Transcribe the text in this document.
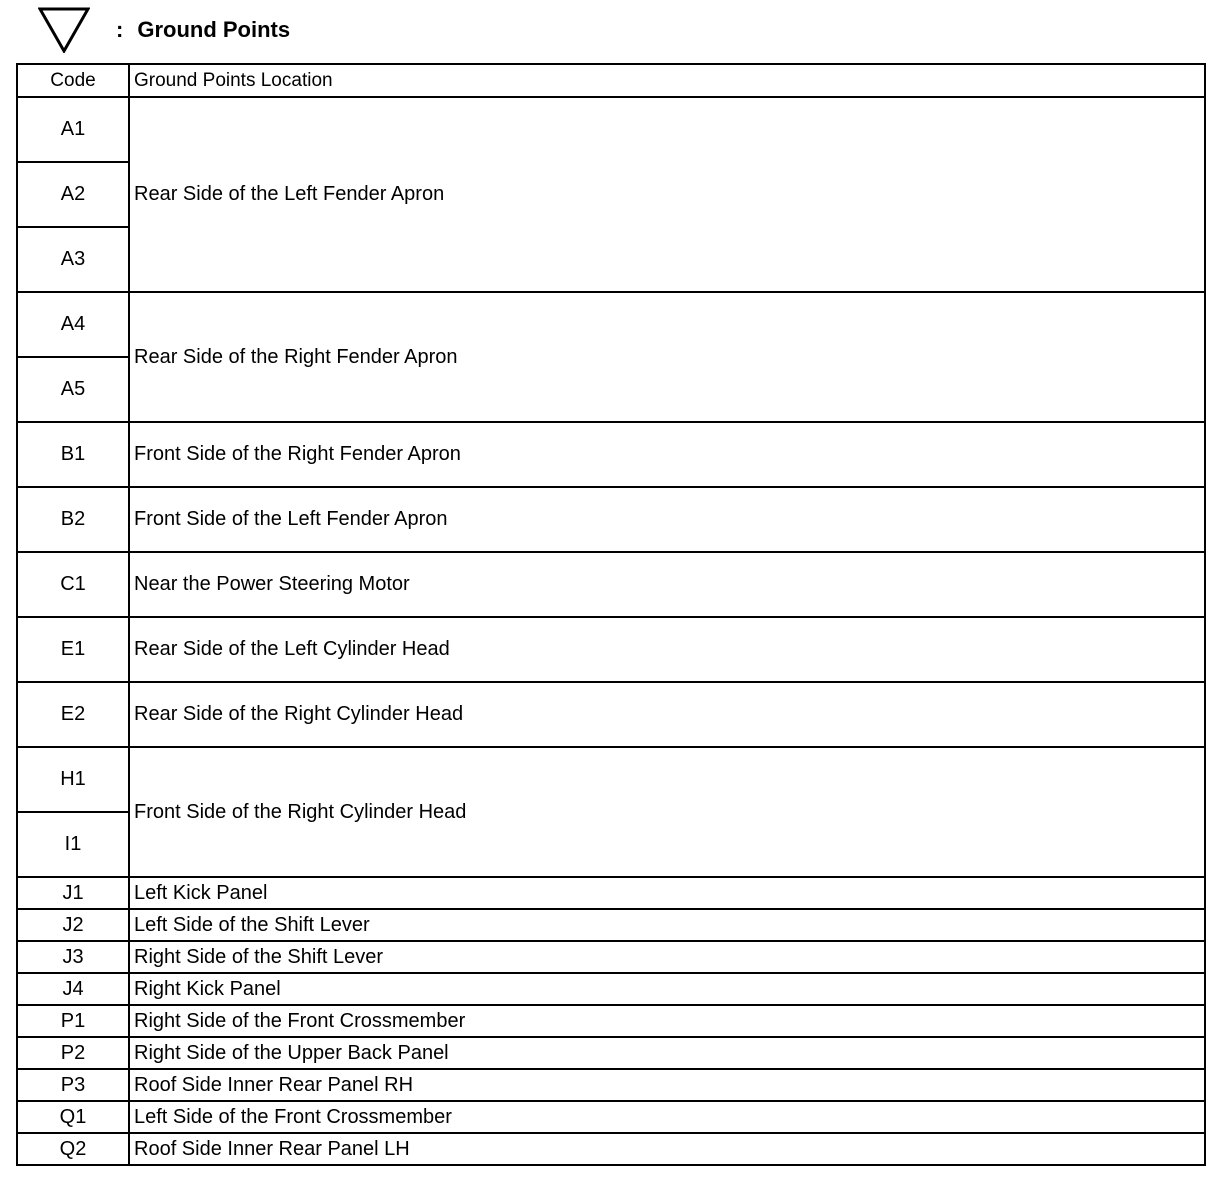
: Ground Points
Code	Ground Points Location
A1	Rear Side of the Left Fender Apron
A2	
A3	
A4	Rear Side of the Right Fender Apron
A5	
B1	Front Side of the Right Fender Apron
B2	Front Side of the Left Fender Apron
C1	Near the Power Steering Motor
E1	Rear Side of the Left Cylinder Head
E2	Rear Side of the Right Cylinder Head
H1	Front Side of the Right Cylinder Head
I1	
J1	Left Kick Panel
J2	Left Side of the Shift Lever
J3	Right Side of the Shift Lever
J4	Right Kick Panel
P1	Right Side of the Front Crossmember
P2	Right Side of the Upper Back Panel
P3	Roof Side Inner Rear Panel RH
Q1	Left Side of the Front Crossmember
Q2	Roof Side Inner Rear Panel LH
